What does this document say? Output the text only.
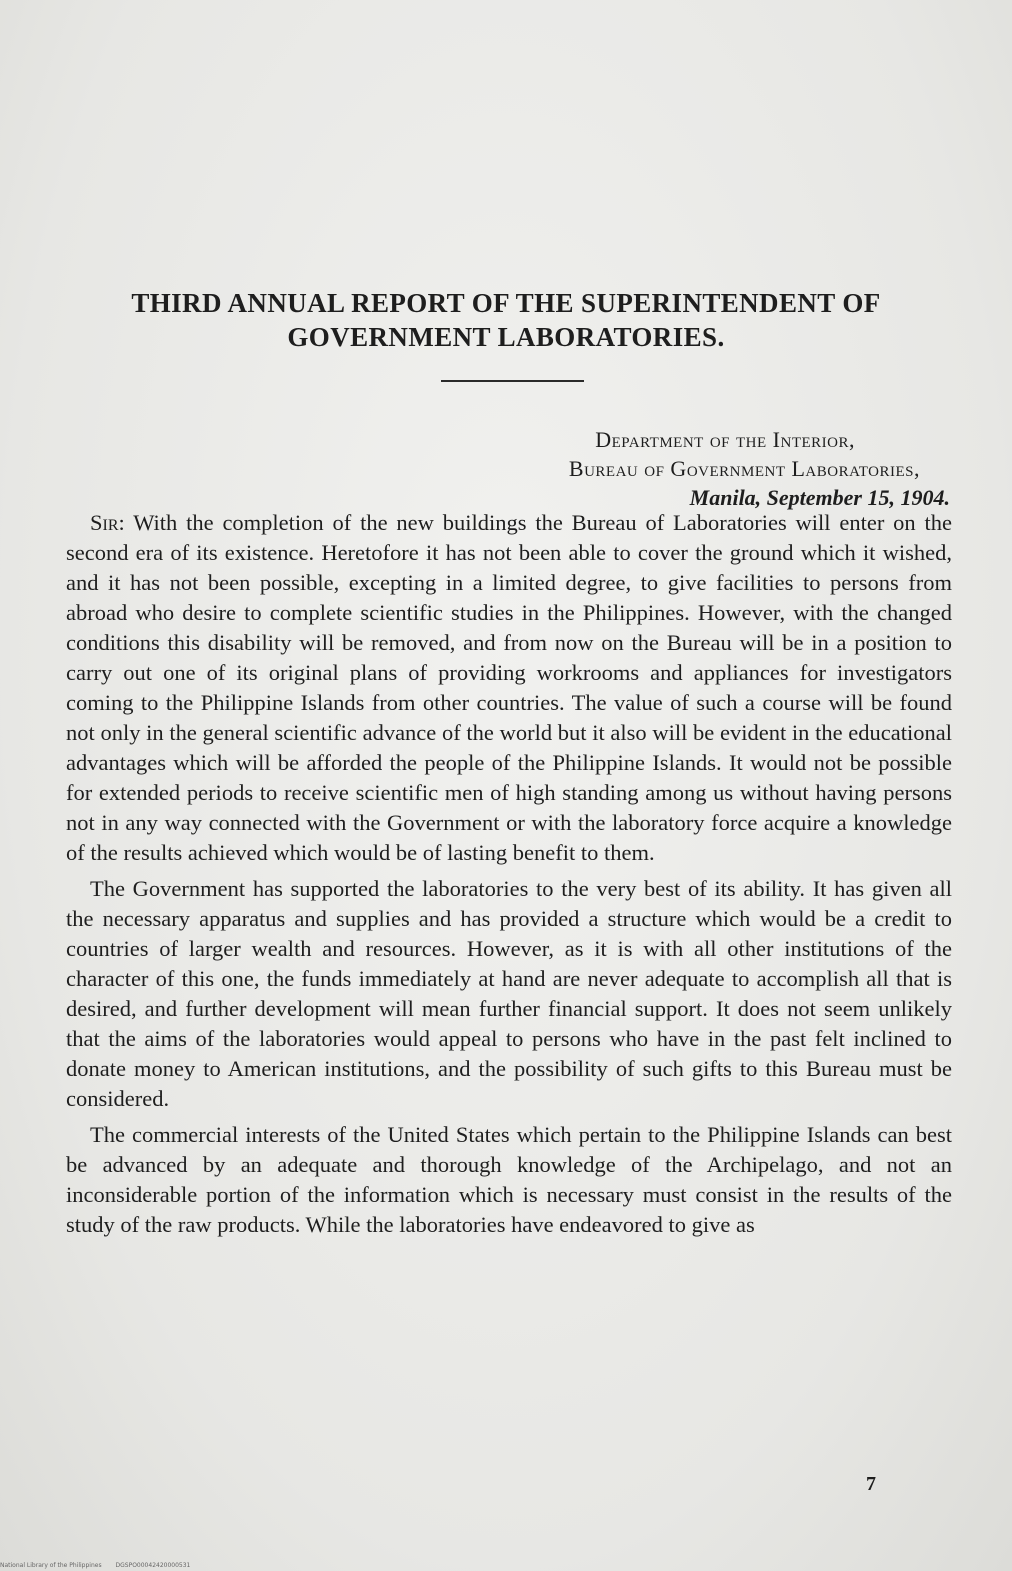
THIRD ANNUAL REPORT OF THE SUPERINTENDENT OF GOVERNMENT LABORATORIES.
Department of the Interior,
Bureau of Government Laboratories,
Manila, September 15, 1904.

Sir: With the completion of the new buildings the Bureau of Laboratories will enter on the second era of its existence. Heretofore it has not been able to cover the ground which it wished, and it has not been possible, excepting in a limited degree, to give facilities to persons from abroad who desire to complete scientific studies in the Philippines. However, with the changed conditions this disability will be removed, and from now on the Bureau will be in a position to carry out one of its original plans of providing workrooms and appliances for investigators coming to the Philippine Islands from other countries. The value of such a course will be found not only in the general scientific advance of the world but it also will be evident in the educational advantages which will be afforded the people of the Philippine Islands. It would not be possible for extended periods to receive scientific men of high standing among us without having persons not in any way connected with the Government or with the laboratory force acquire a knowledge of the results achieved which would be of lasting benefit to them.

The Government has supported the laboratories to the very best of its ability. It has given all the necessary apparatus and supplies and has provided a structure which would be a credit to countries of larger wealth and resources. However, as it is with all other institutions of the character of this one, the funds immediately at hand are never adequate to accomplish all that is desired, and further development will mean further financial support. It does not seem unlikely that the aims of the laboratories would appeal to persons who have in the past felt inclined to donate money to American institutions, and the possibility of such gifts to this Bureau must be considered.

The commercial interests of the United States which pertain to the Philippine Islands can best be advanced by an adequate and thorough knowledge of the Archipelago, and not an inconsiderable portion of the information which is necessary must consist in the results of the study of the raw products. While the laboratories have endeavored to give as

7
National Library of the Philippines DGSPO00042420000531
